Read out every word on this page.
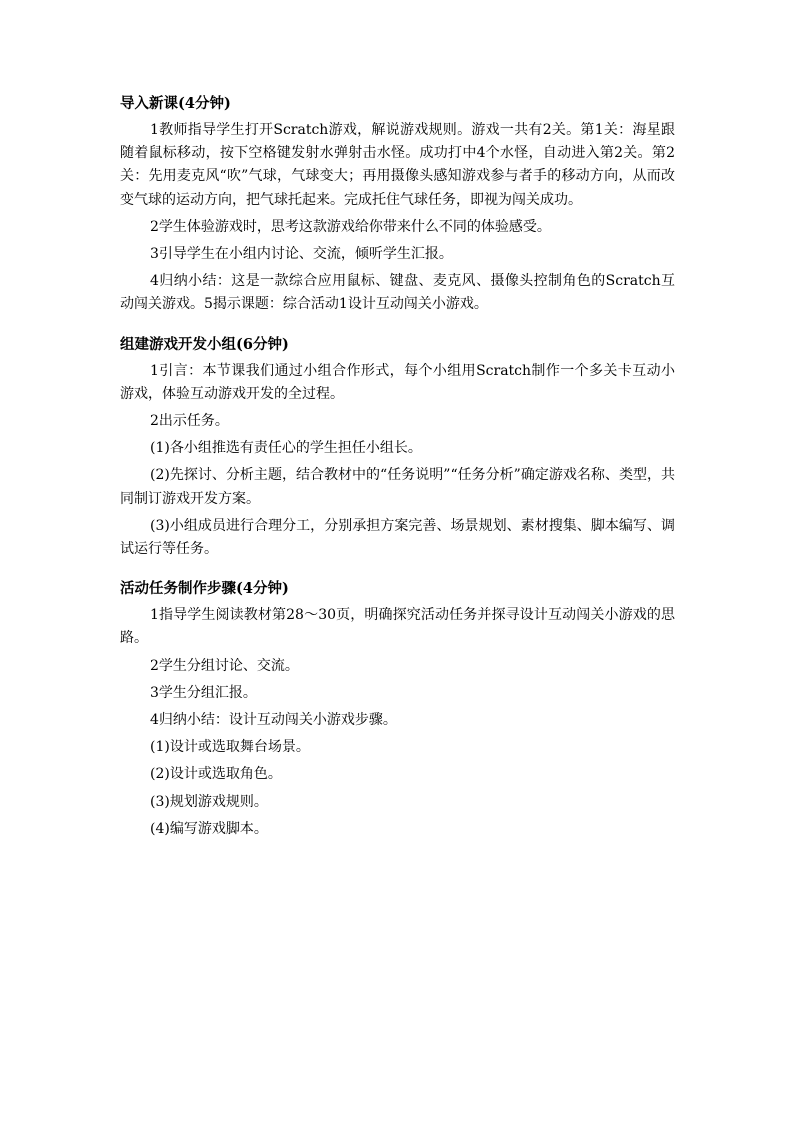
导入新课(4分钟)

1教师指导学生打开Scratch游戏，解说游戏规则。游戏一共有2关。第1关：海星跟随着鼠标移动，按下空格键发射水弹射击水怪。成功打中4个水怪，自动进入第2关。第2关：先用麦克风“吹”气球，气球变大；再用摄像头感知游戏参与者手的移动方向，从而改变气球的运动方向，把气球托起来。完成托住气球任务，即视为闯关成功。

2学生体验游戏时，思考这款游戏给你带来什么不同的体验感受。

3引导学生在小组内讨论、交流，倾听学生汇报。

4归纳小结：这是一款综合应用鼠标、键盘、麦克风、摄像头控制角色的Scratch互动闯关游戏。5揭示课题：综合活动1设计互动闯关小游戏。

组建游戏开发小组(6分钟)

1引言：本节课我们通过小组合作形式，每个小组用Scratch制作一个多关卡互动小游戏，体验互动游戏开发的全过程。

2出示任务。

(1)各小组推选有责任心的学生担任小组长。

(2)先探讨、分析主题，结合教材中的“任务说明”“任务分析”确定游戏名称、类型，共同制订游戏开发方案。

(3)小组成员进行合理分工，分别承担方案完善、场景规划、素材搜集、脚本编写、调试运行等任务。

活动任务制作步骤(4分钟)

1指导学生阅读教材第28～30页，明确探究活动任务并探寻设计互动闯关小游戏的思路。

2学生分组讨论、交流。

3学生分组汇报。

4归纳小结：设计互动闯关小游戏步骤。

(1)设计或选取舞台场景。

(2)设计或选取角色。

(3)规划游戏规则。

(4)编写游戏脚本。
